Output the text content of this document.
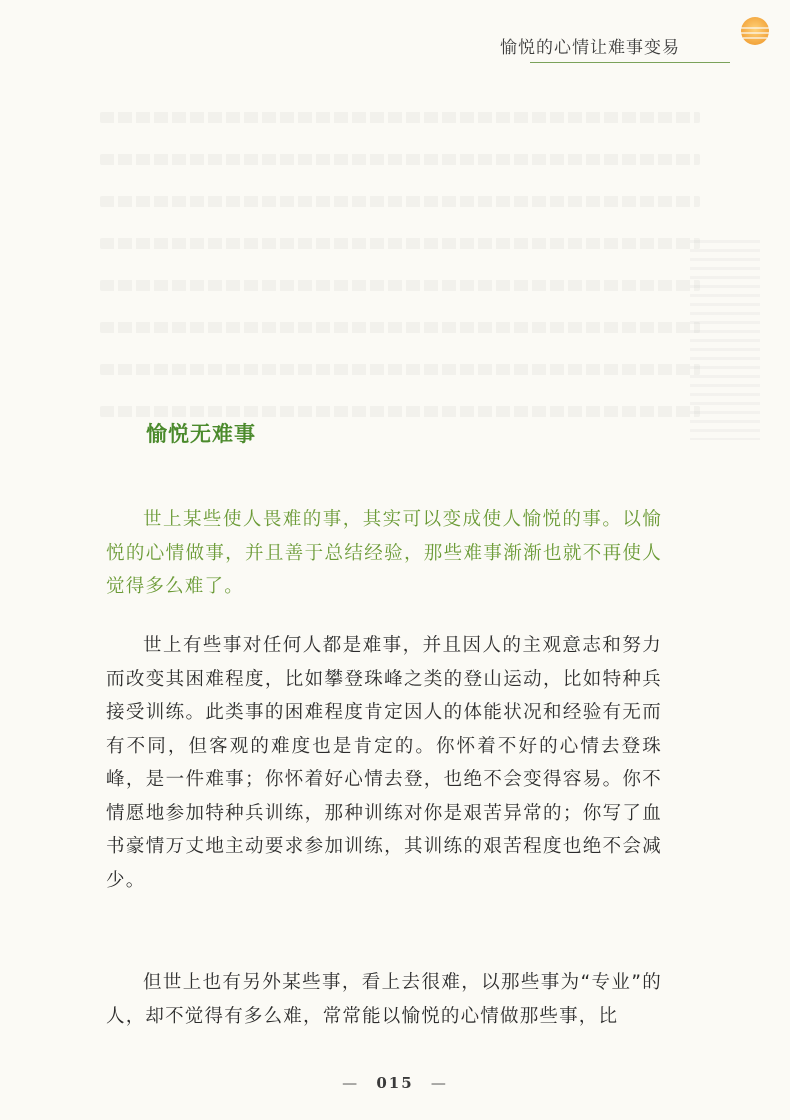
愉悦的心情让难事变易
愉悦无难事

世上某些使人畏难的事，其实可以变成使人愉悦的事。以愉悦的心情做事，并且善于总结经验，那些难事渐渐也就不再使人觉得多么难了。

世上有些事对任何人都是难事，并且因人的主观意志和努力而改变其困难程度，比如攀登珠峰之类的登山运动，比如特种兵接受训练。此类事的困难程度肯定因人的体能状况和经验有无而有不同，但客观的难度也是肯定的。你怀着不好的心情去登珠峰，是一件难事；你怀着好心情去登，也绝不会变得容易。你不情愿地参加特种兵训练，那种训练对你是艰苦异常的；你写了血书豪情万丈地主动要求参加训练，其训练的艰苦程度也绝不会减少。

但世上也有另外某些事，看上去很难，以那些事为“专业”的人，却不觉得有多么难，常常能以愉悦的心情做那些事，比

— 015 —
